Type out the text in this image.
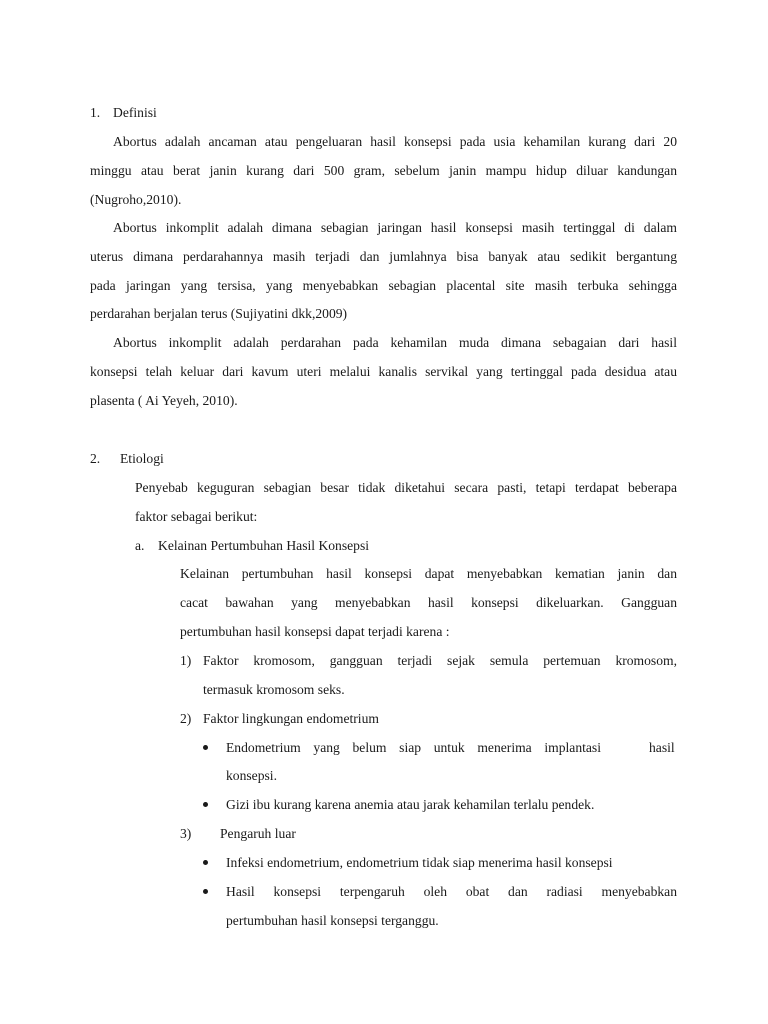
1. Definisi
Abortus adalah ancaman atau pengeluaran hasil konsepsi pada usia kehamilan kurang dari 20
minggu atau berat janin kurang dari 500 gram, sebelum janin mampu hidup diluar kandungan
(Nugroho,2010).
Abortus inkomplit adalah dimana sebagian jaringan hasil konsepsi masih tertinggal di dalam
uterus dimana perdarahannya masih terjadi dan jumlahnya bisa banyak atau sedikit bergantung
pada jaringan yang tersisa, yang menyebabkan sebagian placental site masih terbuka sehingga
perdarahan berjalan terus (Sujiyatini dkk,2009)
Abortus inkomplit adalah perdarahan pada kehamilan muda dimana sebagaian dari hasil
konsepsi telah keluar dari kavum uteri melalui kanalis servikal yang tertinggal pada desidua atau
plasenta ( Ai Yeyeh, 2010).
2. Etiologi
Penyebab keguguran sebagian besar tidak diketahui secara pasti, tetapi terdapat beberapa
faktor sebagai berikut:
a. Kelainan Pertumbuhan Hasil Konsepsi
Kelainan pertumbuhan hasil konsepsi dapat menyebabkan kematian janin dan
cacat bawahan yang menyebabkan hasil konsepsi dikeluarkan. Gangguan
pertumbuhan hasil konsepsi dapat terjadi karena :
1) Faktor kromosom, gangguan terjadi sejak semula pertemuan kromosom,
termasuk kromosom seks.
2) Faktor lingkungan endometrium
Endometrium yang belum siap untuk menerima implantasi	hasil
konsepsi.
Gizi ibu kurang karena anemia atau jarak kehamilan terlalu pendek.
3) Pengaruh luar
Infeksi endometrium, endometrium tidak siap menerima hasil konsepsi
Hasil konsepsi terpengaruh oleh obat dan radiasi menyebabkan
pertumbuhan hasil konsepsi terganggu.
